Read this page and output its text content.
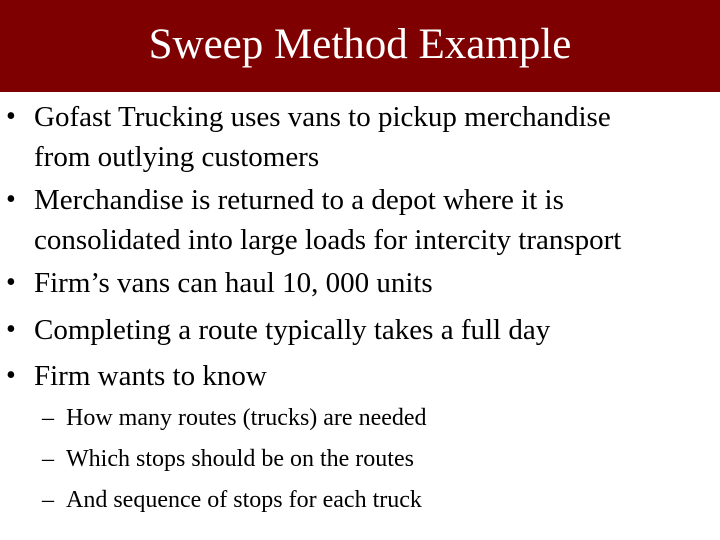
Sweep Method Example
• Gofast Trucking uses vans to pickup merchandise
from outlying customers
• Merchandise is returned to a depot where it is
consolidated into large loads for intercity transport
• Firm’s vans can haul 10, 000 units
• Completing a route typically takes a full day
• Firm wants to know
– How many routes (trucks) are needed
– Which stops should be on the routes
– And sequence of stops for each truck
